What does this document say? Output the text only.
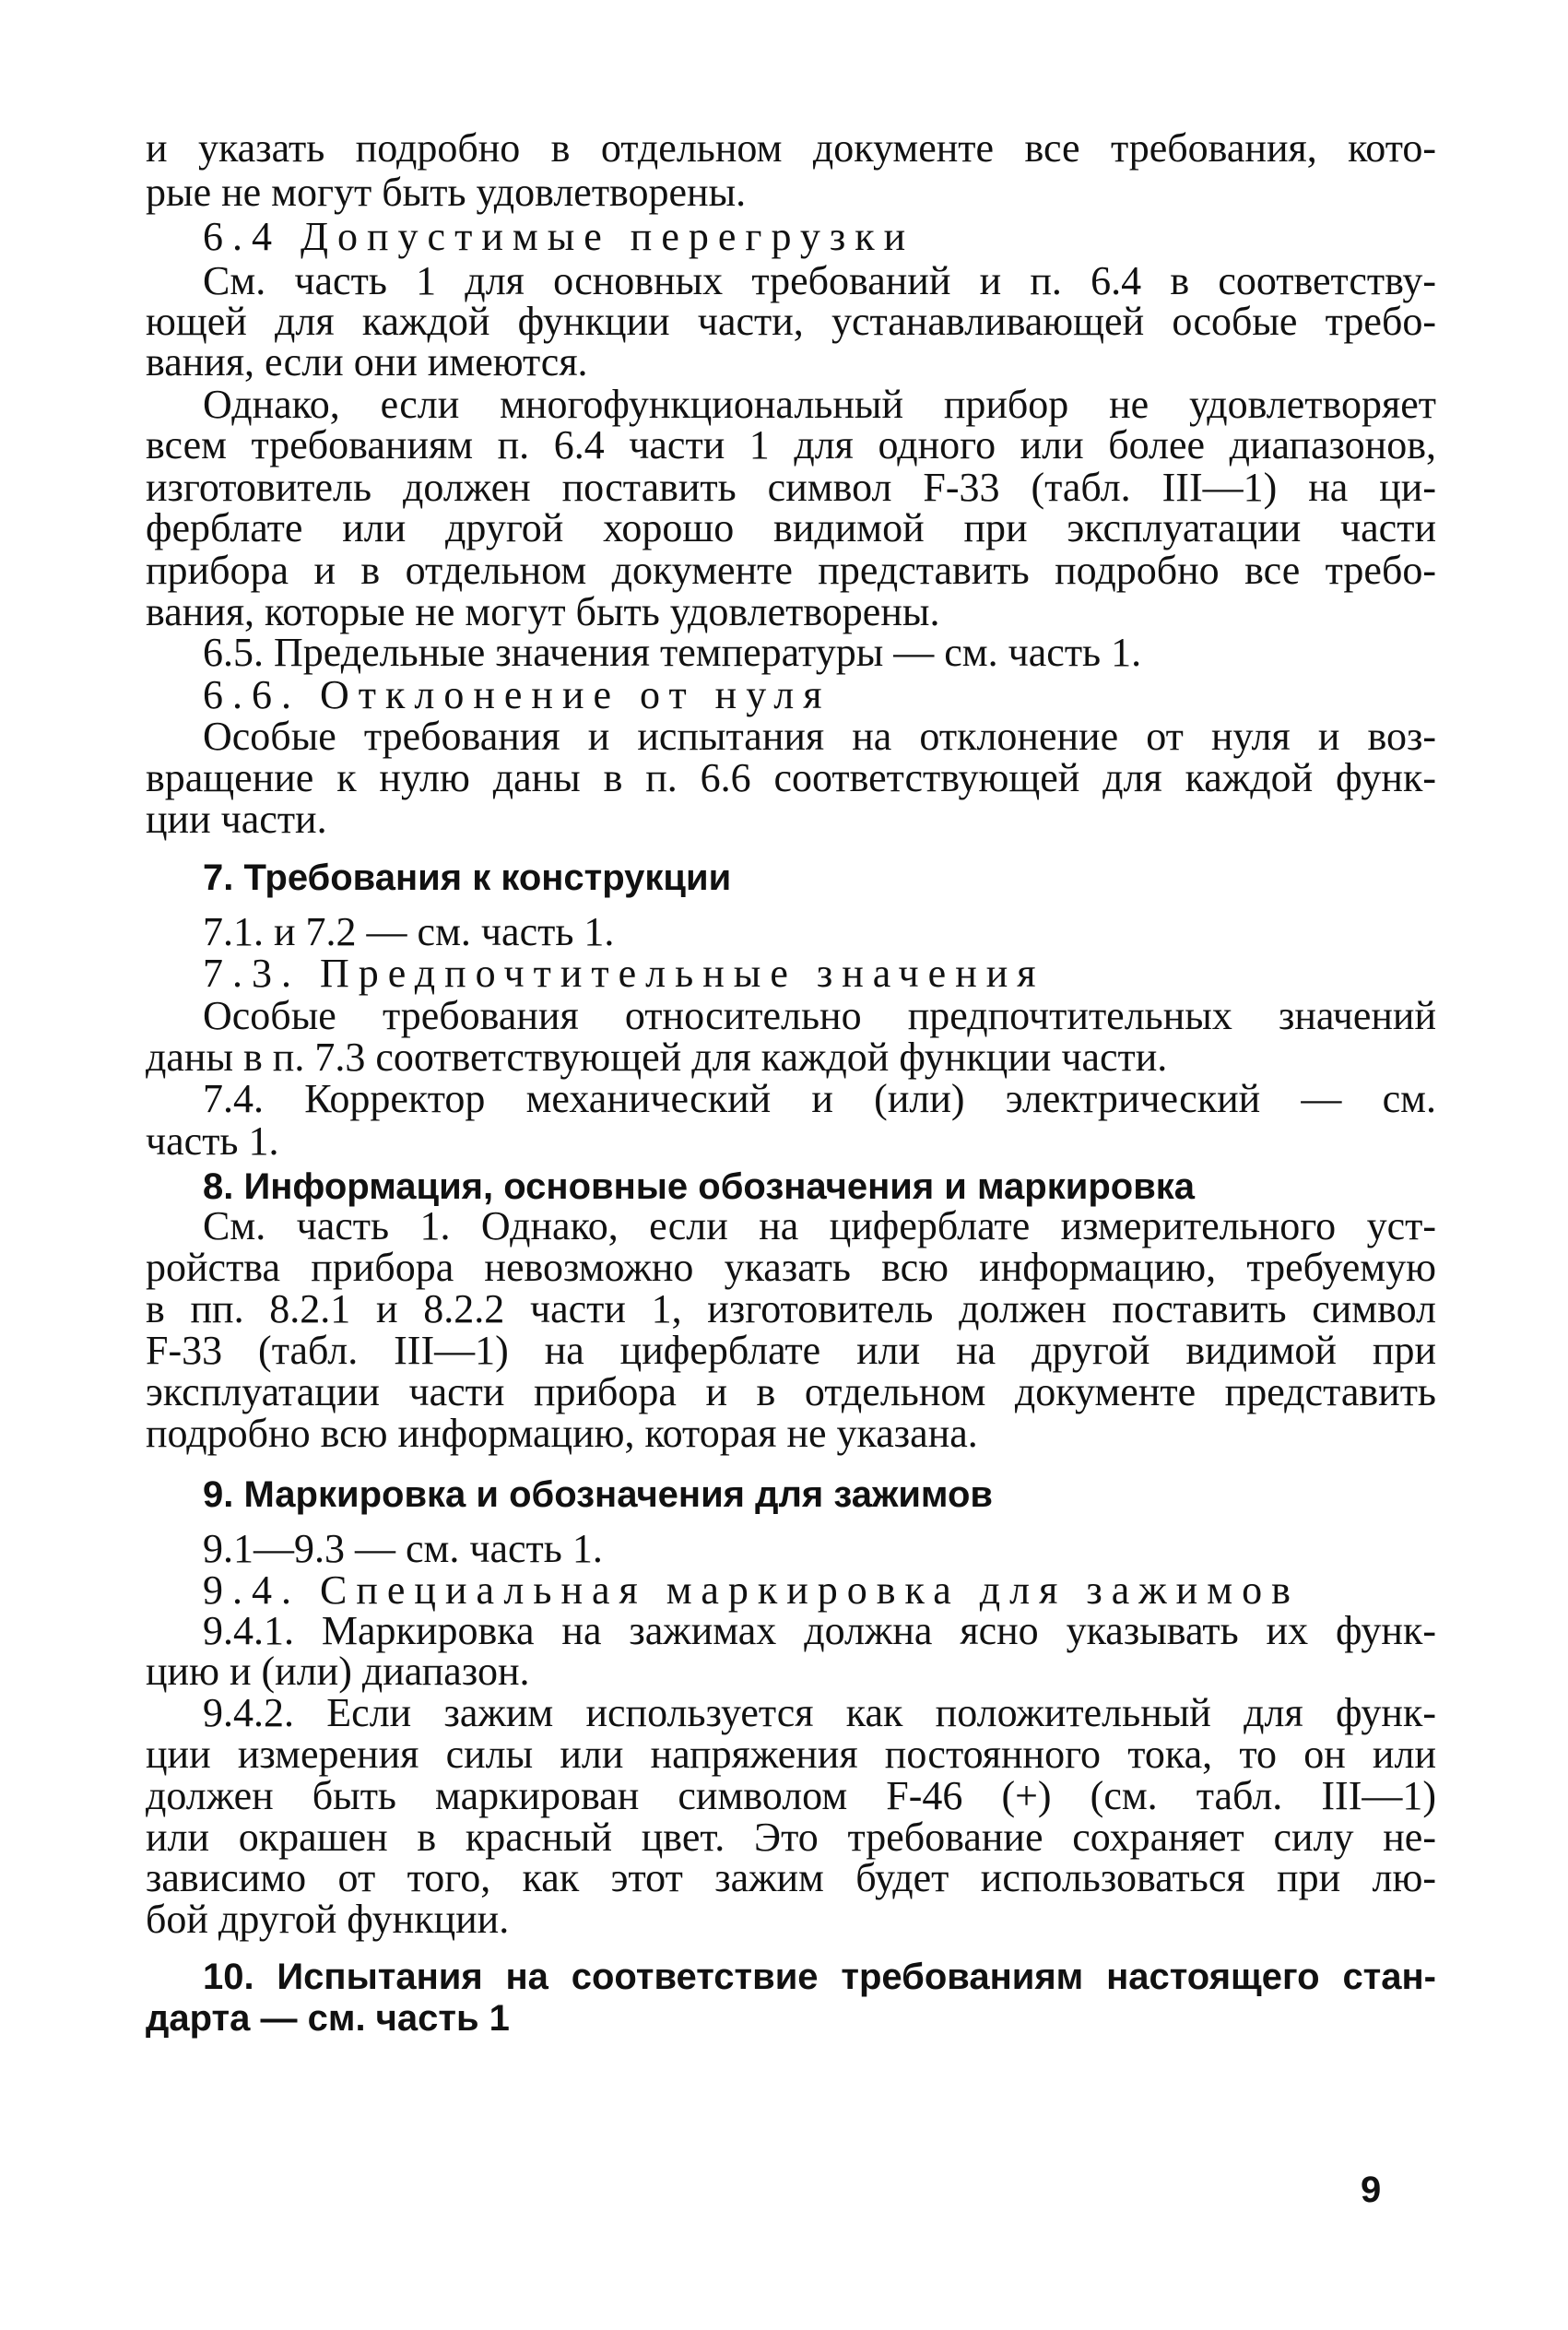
и указать подробно в отдельном документе все требования, кото-
рые не могут быть удовлетворены.
6.4 Допустимые перегрузки
См. часть 1 для основных требований и п. 6.4 в соответству-
ющей для каждой функции части, устанавливающей особые требо-
вания, если они имеются.
Однако, если многофункциональный прибор не удовлетворяет
всем требованиям п. 6.4 части 1 для одного или более диапазонов,
изготовитель должен поставить символ F-33 (табл. III—1) на ци-
ферблате или другой хорошо видимой при эксплуатации части
прибора и в отдельном документе представить подробно все требо-
вания, которые не могут быть удовлетворены.
6.5. Предельные значения температуры — см. часть 1.
6.6. Отклонение от нуля
Особые требования и испытания на отклонение от нуля и воз-
вращение к нулю даны в п. 6.6 соответствующей для каждой функ-
ции части.
7. Требования к конструкции
7.1. и 7.2 — см. часть 1.
7.3. Предпочтительные значения
Особые требования относительно предпочтительных значений
даны в п. 7.3 соответствующей для каждой функции части.
7.4. Корректор механический и (или) электрический — см.
часть 1.
8. Информация, основные обозначения и маркировка
См. часть 1. Однако, если на циферблате измерительного уст-
ройства прибора невозможно указать всю информацию, требуемую
в пп. 8.2.1 и 8.2.2 части 1, изготовитель должен поставить символ
F-33 (табл. III—1) на циферблате или на другой видимой при
эксплуатации части прибора и в отдельном документе представить
подробно всю информацию, которая не указана.
9. Маркировка и обозначения для зажимов
9.1—9.3 — см. часть 1.
9.4. Специальная маркировка для зажимов
9.4.1. Маркировка на зажимах должна ясно указывать их функ-
цию и (или) диапазон.
9.4.2. Если зажим используется как положительный для функ-
ции измерения силы или напряжения постоянного тока, то он или
должен быть маркирован символом F-46 (+) (см. табл. III—1)
или окрашен в красный цвет. Это требование сохраняет силу не-
зависимо от того, как этот зажим будет использоваться при лю-
бой другой функции.
10. Испытания на соответствие требованиям настоящего стан-
дарта — см. часть 1
9
